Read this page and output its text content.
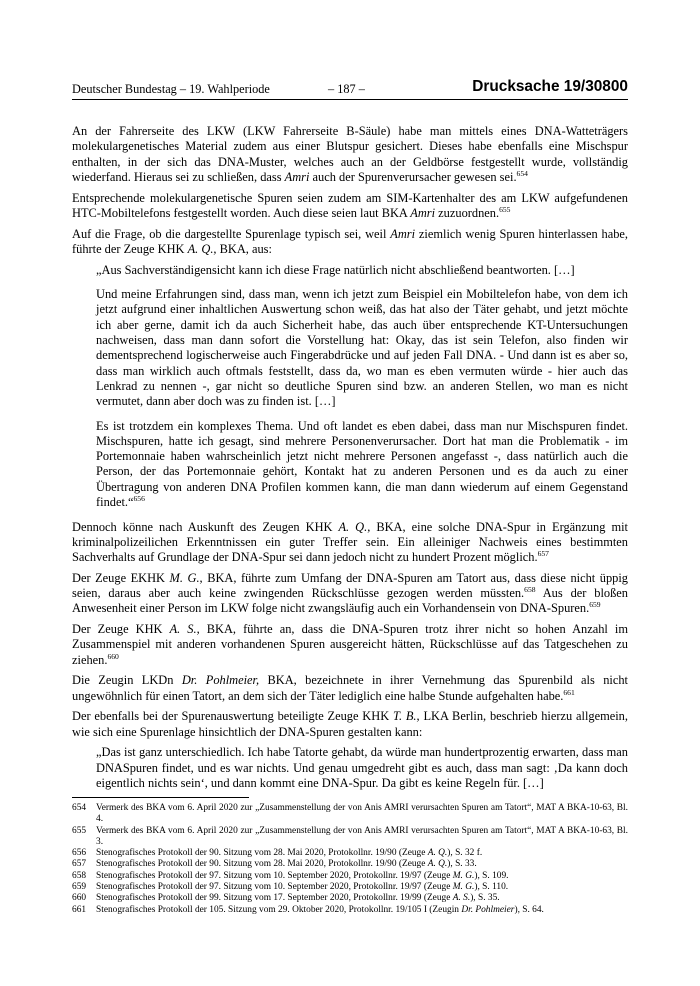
Deutscher Bundestag – 19. Wahlperiode	– 187 –	Drucksache 19/30800

An der Fahrerseite des LKW (LKW Fahrerseite B-Säule) habe man mittels eines DNA-Watteträgers molekulargenetisches Material zudem aus einer Blutspur gesichert. Dieses habe ebenfalls eine Mischspur enthalten, in der sich das DNA-Muster, welches auch an der Geldbörse festgestellt wurde, vollständig wiederfand. Hieraus sei zu schließen, dass Amri auch der Spurenverursacher gewesen sei.$^{654}$

Entsprechende molekulargenetische Spuren seien zudem am SIM-Kartenhalter des am LKW aufgefundenen HTC-Mobiltelefons festgestellt worden. Auch diese seien laut BKA Amri zuzuordnen.$^{655}$

Auf die Frage, ob die dargestellte Spurenlage typisch sei, weil Amri ziemlich wenig Spuren hinterlassen habe, führte der Zeuge KHK A. Q., BKA, aus:

„Aus Sachverständigensicht kann ich diese Frage natürlich nicht abschließend beantworten. […]

Und meine Erfahrungen sind, dass man, wenn ich jetzt zum Beispiel ein Mobiltelefon habe, von dem ich jetzt aufgrund einer inhaltlichen Auswertung schon weiß, das hat also der Täter gehabt, und jetzt möchte ich aber gerne, damit ich da auch Sicherheit habe, das auch über entsprechende KT-Untersuchungen nachweisen, dass man dann sofort die Vorstellung hat: Okay, das ist sein Telefon, also finden wir dementsprechend logischerweise auch Fingerabdrücke und auf jeden Fall DNA. - Und dann ist es aber so, dass man wirklich auch oftmals feststellt, dass da, wo man es eben vermuten würde - hier auch das Lenkrad zu nennen -, gar nicht so deutliche Spuren sind bzw. an anderen Stellen, wo man es nicht vermutet, dann aber doch was zu finden ist. […]

Es ist trotzdem ein komplexes Thema. Und oft landet es eben dabei, dass man nur Mischspuren findet. Mischspuren, hatte ich gesagt, sind mehrere Personenverursacher. Dort hat man die Problematik - im Portemonnaie haben wahrscheinlich jetzt nicht mehrere Personen angefasst -, dass natürlich auch die Person, der das Portemonnaie gehört, Kontakt hat zu anderen Personen und es da auch zu einer Übertragung von anderen DNA Profilen kommen kann, die man dann wiederum auf einem Gegenstand findet.“$^{656}$

Dennoch könne nach Auskunft des Zeugen KHK A. Q., BKA, eine solche DNA-Spur in Ergänzung mit kriminalpolizeilichen Erkenntnissen ein guter Treffer sein. Ein alleiniger Nachweis eines bestimmten Sachverhalts auf Grundlage der DNA-Spur sei dann jedoch nicht zu hundert Prozent möglich.$^{657}$

Der Zeuge EKHK M. G., BKA, führte zum Umfang der DNA-Spuren am Tatort aus, dass diese nicht üppig seien, daraus aber auch keine zwingenden Rückschlüsse gezogen werden müssten.$^{658}$ Aus der bloßen Anwesenheit einer Person im LKW folge nicht zwangsläufig auch ein Vorhandensein von DNA-Spuren.$^{659}$

Der Zeuge KHK A. S., BKA, führte an, dass die DNA-Spuren trotz ihrer nicht so hohen Anzahl im Zusammenspiel mit anderen vorhandenen Spuren ausgereicht hätten, Rückschlüsse auf das Tatgeschehen zu ziehen.$^{660}$

Die Zeugin LKDn Dr. Pohlmeier, BKA, bezeichnete in ihrer Vernehmung das Spurenbild als nicht ungewöhnlich für einen Tatort, an dem sich der Täter lediglich eine halbe Stunde aufgehalten habe.$^{661}$

Der ebenfalls bei der Spurenauswertung beteiligte Zeuge KHK T. B., LKA Berlin, beschrieb hierzu allgemein, wie sich eine Spurenlage hinsichtlich der DNA-Spuren gestalten kann:

„Das ist ganz unterschiedlich. Ich habe Tatorte gehabt, da würde man hundertprozentig erwarten, dass man DNASpuren findet, und es war nichts. Und genau umgedreht gibt es auch, dass man sagt: ‚Da kann doch eigentlich nichts sein‘, und dann kommt eine DNA-Spur. Da gibt es keine Regeln für. […]

654	Vermerk des BKA vom 6. April 2020 zur „Zusammenstellung der von Anis AMRI verursachten Spuren am Tatort“, MAT A BKA-10-63, Bl. 4.
655	Vermerk des BKA vom 6. April 2020 zur „Zusammenstellung der von Anis AMRI verursachten Spuren am Tatort“, MAT A BKA-10-63, Bl. 3.
656	Stenografisches Protokoll der 90. Sitzung vom 28. Mai 2020, Protokollnr. 19/90 (Zeuge A. Q.), S. 32 f.
657	Stenografisches Protokoll der 90. Sitzung vom 28. Mai 2020, Protokollnr. 19/90 (Zeuge A. Q.), S. 33.
658	Stenografisches Protokoll der 97. Sitzung vom 10. September 2020, Protokollnr. 19/97 (Zeuge M. G.), S. 109.
659	Stenografisches Protokoll der 97. Sitzung vom 10. September 2020, Protokollnr. 19/97 (Zeuge M. G.), S. 110.
660	Stenografisches Protokoll der 99. Sitzung vom 17. September 2020, Protokollnr. 19/99 (Zeuge A. S.), S. 35.
661	Stenografisches Protokoll der 105. Sitzung vom 29. Oktober 2020, Protokollnr. 19/105 I (Zeugin Dr. Pohlmeier), S. 64.
